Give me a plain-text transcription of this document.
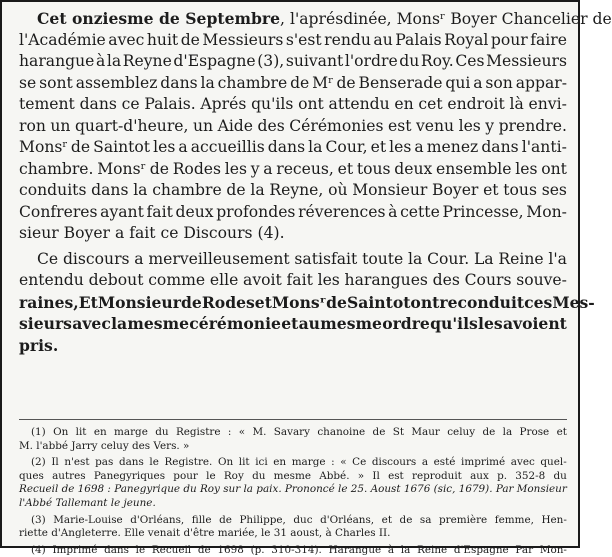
Cet onziesme de Septembre, l'aprésdinée, Monsʳ Boyer Chancelier de
l'Académie avec huit de Messieurs s'est rendu au Palais Royal pour faire
harangue à la Reyne d'Espagne (3), suivant l'ordre du Roy. Ces Messieurs
se sont assemblez dans la chambre de Mʳ de Benserade qui a son appar-
tement dans ce Palais. Aprés qu'ils ont attendu en cet endroit là envi-
ron un quart-d'heure, un Aide des Cérémonies est venu les y prendre.
Monsʳ de Saintot les a accueillis dans la Cour, et les a menez dans l'anti-
chambre. Monsʳ de Rodes les y a receus, et tous deux ensemble les ont
conduits dans la chambre de la Reyne, où Monsieur Boyer et tous ses
Confreres ayant fait deux profondes réverences à cette Princesse, Mon-
sieur Boyer a fait ce Discours (4).
Ce discours a merveilleusement satisfait toute la Cour. La Reine l'a
entendu debout comme elle avoit fait les harangues des Cours souve-
raines, Et Monsieur de Rodes et Monsʳ de Saintot ont reconduit ces Mes-
sieurs avec la mesme cérémonie et au mesme ordre qu'ils les avoient
pris.
(1) On lit en marge du Registre : « M. Savary chanoine de St Maur celuy de la Prose et
M. l'abbé Jarry celuy des Vers. »
(2) Il n'est pas dans le Registre. On lit ici en marge : « Ce discours a esté imprimé avec quel-
ques autres Panegyriques pour le Roy du mesme Abbé. » Il est reproduit aux p. 352-8 du
Recueil de 1698 : Panegyrique du Roy sur la paix. Prononcé le 25. Aoust 1676 (sic, 1679). Par Monsieur
l'Abbé Tallemant le jeune.
(3) Marie-Louise d'Orléans, fille de Philippe, duc d'Orléans, et de sa première femme, Hen-
riette d'Angleterre. Elle venait d'être mariée, le 31 aoust, à Charles II.
(4) Imprimé dans le Recueil de 1698 (p. 310-314). Harangue à la Reine d'Espagne Par Mon-
